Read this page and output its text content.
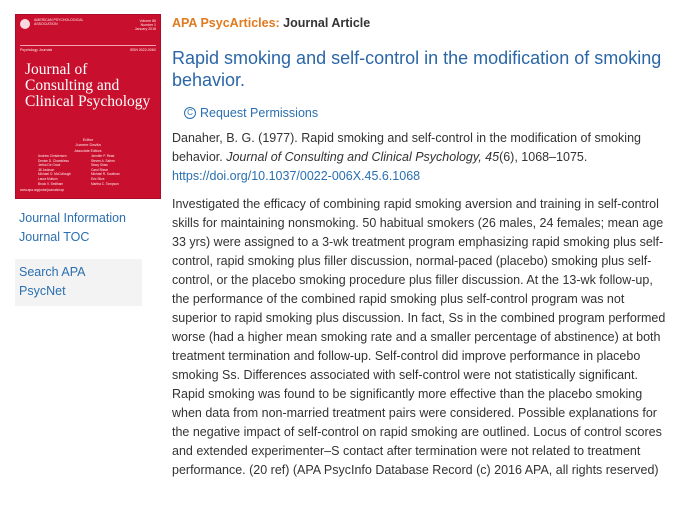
AMERICAN PSYCHOLOGICAL ASSOCIATION
Volume 86
Number 1
January 2018
Psychology Journals	ISSN 0022-006X
Journal of Consulting and Clinical Psychology
Editor
Joanne Davila
Associate Editors
Andrew Christensen	Jennifer P. Read
Denise D. Chambless	Steven A. Safren
Jerika De Groot	Stacy Shaw
Jill Jackson	Carol Shear
Michael O. McCullough	Michael R. Kaufman
Laura Mufson	Eric Stice
Brock V. Smitham	Martha C. Tompson
www.apa.org/pubs/journals/ccp
Journal Information
Journal TOC
Search APA
PsycNet
APA PsycArticles: Journal Article
Rapid smoking and self-control in the modification of smoking behavior.
C Request Permissions
Danaher, B. G. (1977). Rapid smoking and self-control in the modification of smoking behavior. Journal of Consulting and Clinical Psychology, 45(6), 1068–1075.
https://doi.org/10.1037/0022-006X.45.6.1068

Investigated the efficacy of combining rapid smoking aversion and training in self-control skills for maintaining nonsmoking. 50 habitual smokers (26 males, 24 females; mean age 33 yrs) were assigned to a 3-wk treatment program emphasizing rapid smoking plus self-control, rapid smoking plus filler discussion, normal-paced (placebo) smoking plus self-control, or the placebo smoking procedure plus filler discussion. At the 13-wk follow-up, the performance of the combined rapid smoking plus self-control program was not superior to rapid smoking plus discussion. In fact, Ss in the combined program performed worse (had a higher mean smoking rate and a smaller percentage of abstinence) at both treatment termination and follow-up. Self-control did improve performance in placebo smoking Ss. Differences associated with self-control were not statistically significant. Rapid smoking was found to be significantly more effective than the placebo smoking when data from non-married treatment pairs were considered. Possible explanations for the negative impact of self-control on rapid smoking are outlined. Locus of control scores and extended experimenter–S contact after termination were not related to treatment performance. (20 ref) (APA PsycInfo Database Record (c) 2016 APA, all rights reserved)
